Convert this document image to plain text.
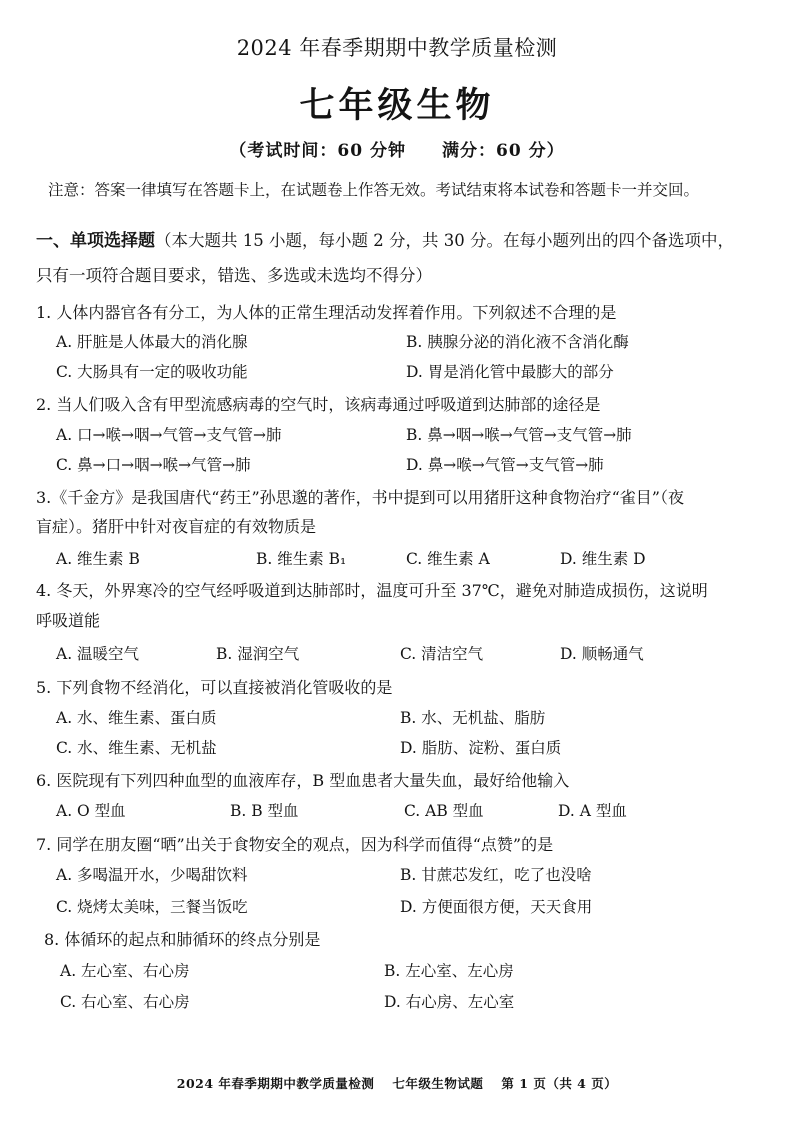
2024 年春季期期中教学质量检测
七年级生物
（考试时间：60 分钟 满分：60 分）
注意：答案一律填写在答题卡上，在试题卷上作答无效。考试结束将本试卷和答题卡一并交回。
一、单项选择题（本大题共 15 小题，每小题 2 分，共 30 分。在每小题列出的四个备选项中，
只有一项符合题目要求，错选、多选或未选均不得分）
1. 人体内器官各有分工，为人体的正常生理活动发挥着作用。下列叙述不合理的是
A. 肝脏是人体最大的消化腺	B. 胰腺分泌的消化液不含消化酶
C. 大肠具有一定的吸收功能	D. 胃是消化管中最膨大的部分
2. 当人们吸入含有甲型流感病毒的空气时，该病毒通过呼吸道到达肺部的途径是
A. 口→喉→咽→气管→支气管→肺	B. 鼻→咽→喉→气管→支气管→肺
C. 鼻→口→咽→喉→气管→肺	D. 鼻→喉→气管→支气管→肺
3.《千金方》是我国唐代“药王”孙思邈的著作，书中提到可以用猪肝这种食物治疗“雀目”（夜
盲症）。猪肝中针对夜盲症的有效物质是
A. 维生素 B	B. 维生素 B₁	C. 维生素 A	D. 维生素 D
4. 冬天，外界寒冷的空气经呼吸道到达肺部时，温度可升至 37℃，避免对肺造成损伤，这说明
呼吸道能
A. 温暖空气	B. 湿润空气	C. 清洁空气	D. 顺畅通气
5. 下列食物不经消化，可以直接被消化管吸收的是
A. 水、维生素、蛋白质	B. 水、无机盐、脂肪
C. 水、维生素、无机盐	D. 脂肪、淀粉、蛋白质
6. 医院现有下列四种血型的血液库存，B 型血患者大量失血，最好给他输入
A. O 型血	B. B 型血	C. AB 型血	D. A 型血
7. 同学在朋友圈“晒”出关于食物安全的观点，因为科学而值得“点赞”的是
A. 多喝温开水，少喝甜饮料	B. 甘蔗芯发红，吃了也没啥
C. 烧烤太美味，三餐当饭吃	D. 方便面很方便，天天食用
8. 体循环的起点和肺循环的终点分别是
A. 左心室、右心房	B. 左心室、左心房
C. 右心室、右心房	D. 右心房、左心室
2024 年春季期期中教学质量检测 七年级生物试题 第 1 页（共 4 页）
